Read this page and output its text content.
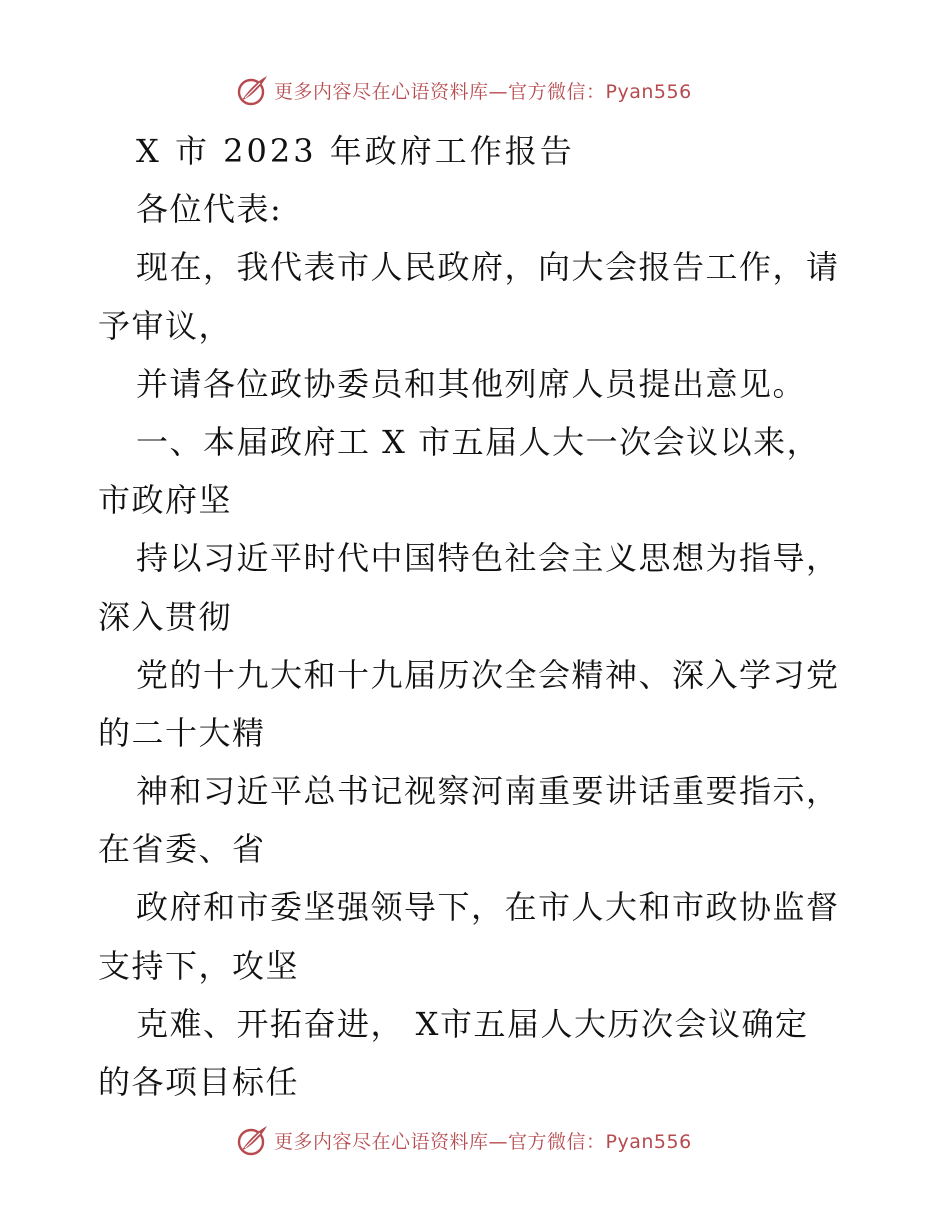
更多内容尽在心语资料库—官方微信：Pyan556
X 市 2023 年政府工作报告
各位代表:
现在，我代表市人民政府，向大会报告工作，请
予审议，
并请各位政协委员和其他列席人员提出意见。
一、本届政府工 X 市五届人大一次会议以来，
市政府坚
持以习近平时代中国特色社会主义思想为指导，
深入贯彻
党的十九大和十九届历次全会精神、深入学习党
的二十大精
神和习近平总书记视察河南重要讲话重要指示，
在省委、省
政府和市委坚强领导下，在市人大和市政协监督
支持下，攻坚
克难、开拓奋进， X市五届人大历次会议确定
的各项目标任
更多内容尽在心语资料库—官方微信：Pyan556
